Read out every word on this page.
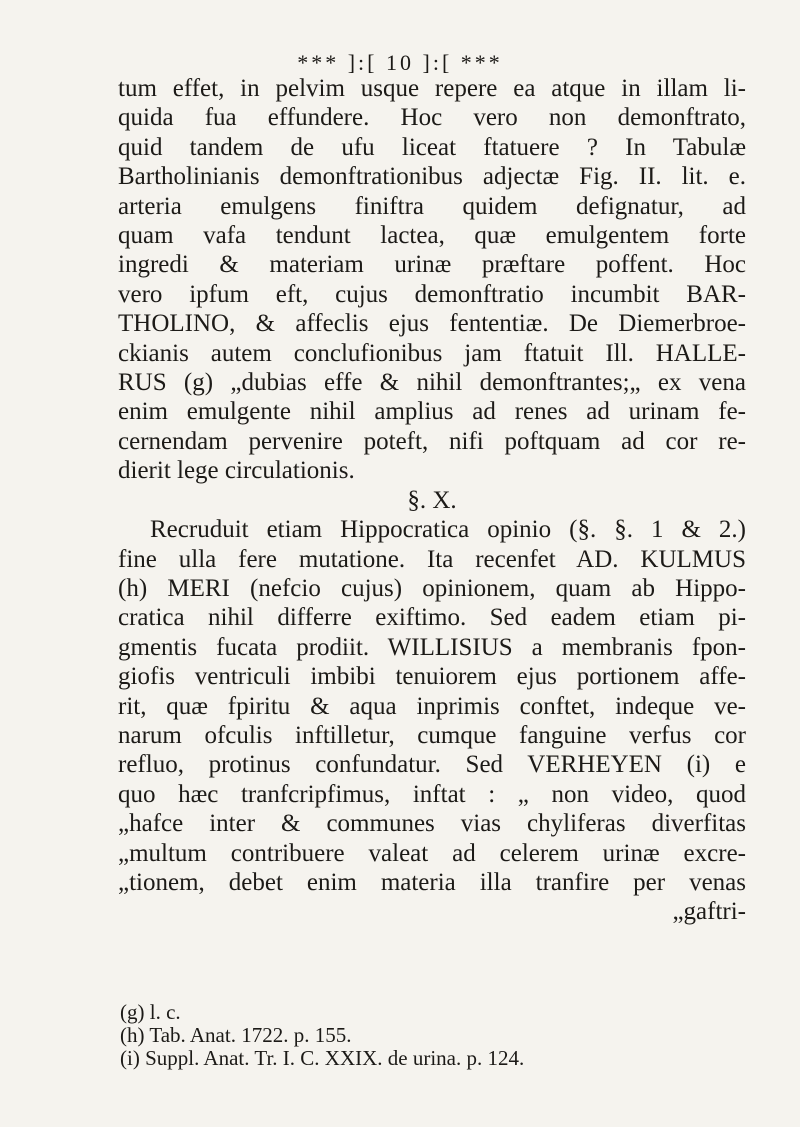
*** ]:[ 10 ]:[ ***
tum effet, in pelvim usque repere ea atque in illam li-
quida fua effundere. Hoc vero non demonftrato,
quid tandem de ufu liceat ftatuere ? In Tabulæ
Bartholinianis demonftrationibus adjectæ Fig. II. lit. e.
arteria emulgens finiftra quidem defignatur, ad
quam vafa tendunt lactea, quæ emulgentem forte
ingredi & materiam urinæ præftare poffent. Hoc
vero ipfum eft, cujus demonftratio incumbit BAR-
THOLINO, & affeclis ejus fententiæ. De Diemerbroe-
ckianis autem conclufionibus jam ftatuit Ill. HALLE-
RUS (g) „dubias effe & nihil demonftrantes;„ ex vena
enim emulgente nihil amplius ad renes ad urinam fe-
cernendam pervenire poteft, nifi poftquam ad cor re-
dierit lege circulationis.
§. X.
Recruduit etiam Hippocratica opinio (§. §. 1 & 2.)
fine ulla fere mutatione. Ita recenfet AD. KULMUS
(h) MERI (nefcio cujus) opinionem, quam ab Hippo-
cratica nihil differre exiftimo. Sed eadem etiam pi-
gmentis fucata prodiit. WILLISIUS a membranis fpon-
giofis ventriculi imbibi tenuiorem ejus portionem affe-
rit, quæ fpiritu & aqua inprimis conftet, indeque ve-
narum ofculis inftilletur, cumque fanguine verfus cor
refluo, protinus confundatur. Sed VERHEYEN (i) e
quo hæc tranfcripfimus, inftat : „ non video, quod
„hafce inter & communes vias chyliferas diverfitas
„multum contribuere valeat ad celerem urinæ excre-
„tionem, debet enim materia illa tranfire per venas
„gaftri-
(g) l. c.
(h) Tab. Anat. 1722. p. 155.
(i) Suppl. Anat. Tr. I. C. XXIX. de urina. p. 124.
